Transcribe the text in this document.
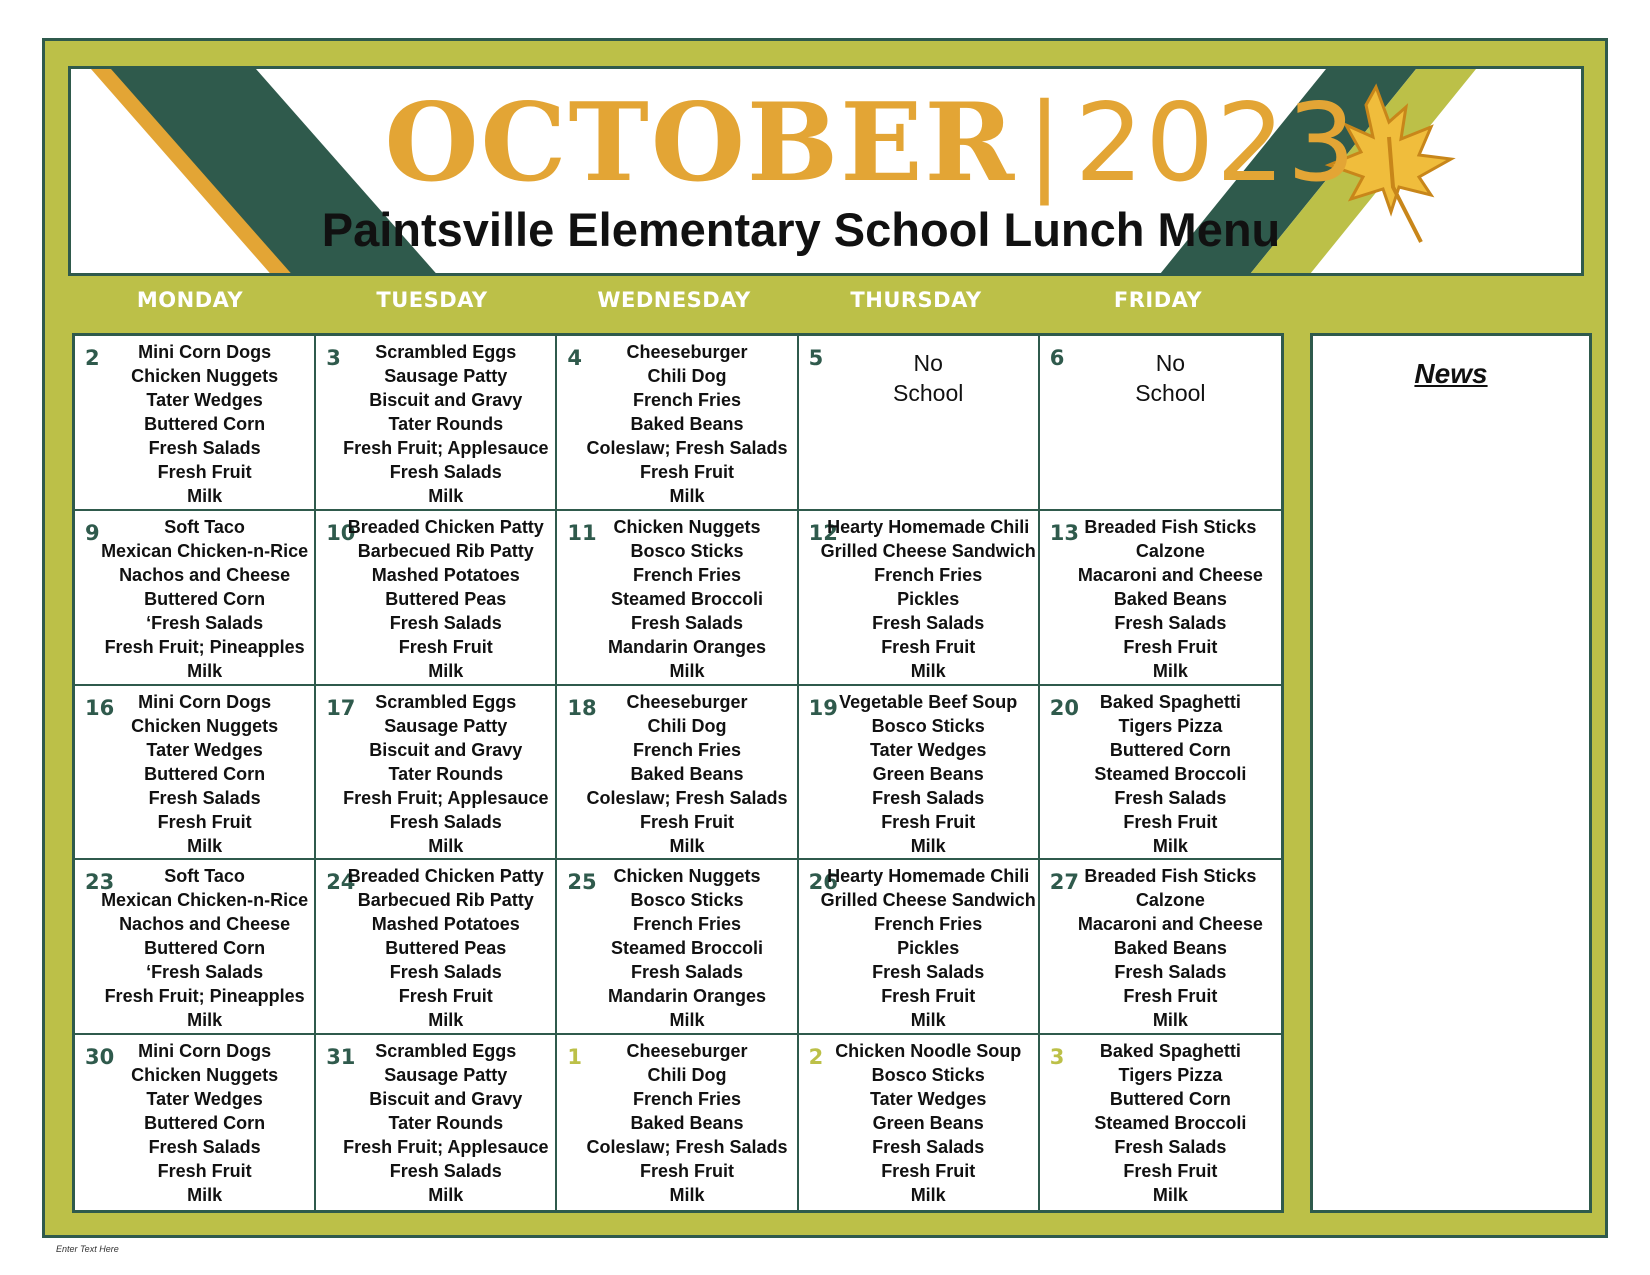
OCTOBER|2023
Paintsville Elementary School Lunch Menu
MONDAY	TUESDAY	WEDNESDAY	THURSDAY	FRIDAY
2	Mini Corn Dogs
Chicken Nuggets
Tater Wedges
Buttered Corn
Fresh Salads
Fresh Fruit
Milk
3	Scrambled Eggs
Sausage Patty
Biscuit and Gravy
Tater Rounds
Fresh Fruit; Applesauce
Fresh Salads
Milk
4	Cheeseburger
Chili Dog
French Fries
Baked Beans
Coleslaw; Fresh Salads
Fresh Fruit
Milk
5	No
School
6	No
School
9	Soft Taco
Mexican Chicken-n-Rice
Nachos and Cheese
Buttered Corn
‘Fresh Salads
Fresh Fruit; Pineapples
Milk
10
Breaded Chicken Patty
Barbecued Rib Patty
Mashed Potatoes
Buttered Peas
Fresh Salads
Fresh Fruit
Milk
11 Chicken Nuggets
Bosco Sticks
French Fries
Steamed Broccoli
Fresh Salads
Mandarin Oranges
Milk
12
Hearty Homemade Chili
Grilled Cheese Sandwich
French Fries
Pickles
Fresh Salads
Fresh Fruit
Milk
13 Breaded Fish Sticks
Calzone
Macaroni and Cheese
Baked Beans
Fresh Salads
Fresh Fruit
Milk
16	Mini Corn Dogs
Chicken Nuggets
Tater Wedges
Buttered Corn
Fresh Salads
Fresh Fruit
Milk
17	Scrambled Eggs
Sausage Patty
Biscuit and Gravy
Tater Rounds
Fresh Fruit; Applesauce
Fresh Salads
Milk
18	Cheeseburger
Chili Dog
French Fries
Baked Beans
Coleslaw; Fresh Salads
Fresh Fruit
Milk
19 Vegetable Beef Soup
Bosco Sticks
Tater Wedges
Green Beans
Fresh Salads
Fresh Fruit
Milk
20	Baked Spaghetti
Tigers Pizza
Buttered Corn
Steamed Broccoli
Fresh Salads
Fresh Fruit
Milk
23	Soft Taco
Mexican Chicken-n-Rice
Nachos and Cheese
Buttered Corn
‘Fresh Salads
Fresh Fruit; Pineapples
Milk
24
Breaded Chicken Patty
Barbecued Rib Patty
Mashed Potatoes
Buttered Peas
Fresh Salads
Fresh Fruit
Milk
25 Chicken Nuggets
Bosco Sticks
French Fries
Steamed Broccoli
Fresh Salads
Mandarin Oranges
Milk
26
Hearty Homemade Chili
Grilled Cheese Sandwich
French Fries
Pickles
Fresh Salads
Fresh Fruit
Milk
27 Breaded Fish Sticks
Calzone
Macaroni and Cheese
Baked Beans
Fresh Salads
Fresh Fruit
Milk
30	Mini Corn Dogs
Chicken Nuggets
Tater Wedges
Buttered Corn
Fresh Salads
Fresh Fruit
Milk
31	Scrambled Eggs
Sausage Patty
Biscuit and Gravy
Tater Rounds
Fresh Fruit; Applesauce
Fresh Salads
Milk
1	Cheeseburger
Chili Dog
French Fries
Baked Beans
Coleslaw; Fresh Salads
Fresh Fruit
Milk
2 Chicken Noodle Soup
Bosco Sticks
Tater Wedges
Green Beans
Fresh Salads
Fresh Fruit
Milk
3	Baked Spaghetti
Tigers Pizza
Buttered Corn
Steamed Broccoli
Fresh Salads
Fresh Fruit
Milk
News
Enter Text Here
